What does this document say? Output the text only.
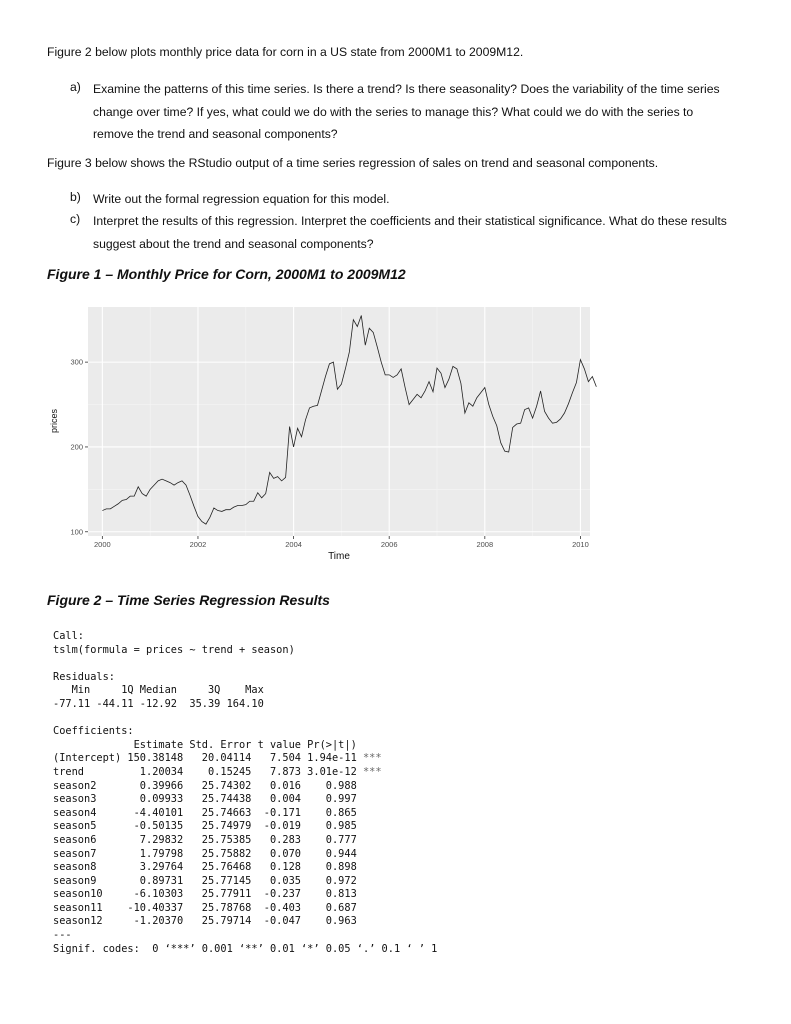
Figure 2 below plots monthly price data for corn in a US state from 2000M1 to 2009M12.

a) Examine the patterns of this time series. Is there a trend? Is there seasonality? Does the variability of the time series change over time? If yes, what could we do with the series to manage this? What could we do with the series to remove the trend and seasonal components?

Figure 3 below shows the RStudio output of a time series regression of sales on trend and seasonal components.

b) Write out the formal regression equation for this model.
c) Interpret the results of this regression. Interpret the coefficients and their statistical significance. What do these results suggest about the trend and seasonal components?

Figure 1 – Monthly Price for Corn, 2000M1 to 2009M12

2000	2002	2004	2006	2008	2010
100
200
300
Time
prices

Figure 2 – Time Series Regression Results

Call:
tslm(formula = prices ~ trend + season)

Residuals:
Min     1Q Median     3Q    Max
-77.11 -44.11 -12.92  35.39 164.10

Coefficients:
Estimate Std. Error t value Pr(>|t|)
(Intercept) 150.38148   20.04114   7.504 1.94e-11 ***
trend         1.20034    0.15245   7.873 3.01e-12 ***
season2       0.39966   25.74302   0.016    0.988
season3       0.09933   25.74438   0.004    0.997
season4      -4.40101   25.74663  -0.171    0.865
season5      -0.50135   25.74979  -0.019    0.985
season6       7.29832   25.75385   0.283    0.777
season7       1.79798   25.75882   0.070    0.944
season8       3.29764   25.76468   0.128    0.898
season9       0.89731   25.77145   0.035    0.972
season10     -6.10303   25.77911  -0.237    0.813
season11    -10.40337   25.78768  -0.403    0.687
season12     -1.20370   25.79714  -0.047    0.963
---
Signif. codes:  0 ‘***’ 0.001 ‘**’ 0.01 ‘*’ 0.05 ‘.’ 0.1 ‘ ’ 1
